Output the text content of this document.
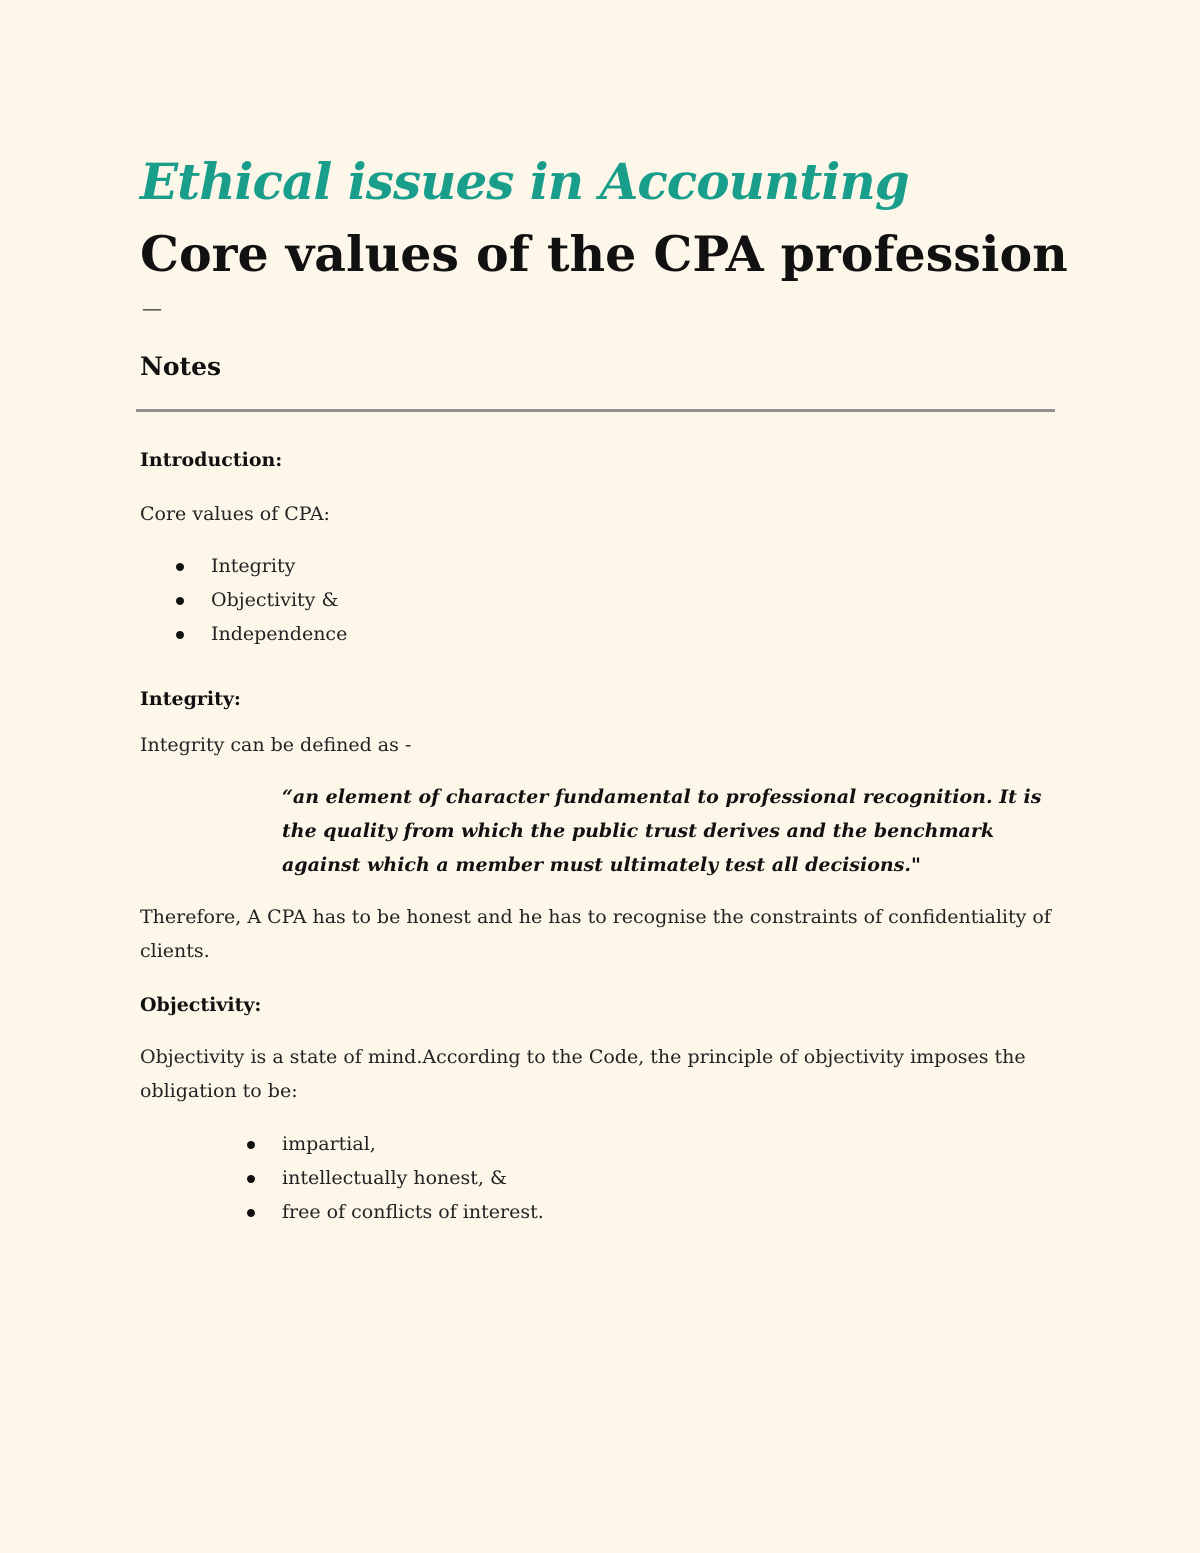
Ethical issues in Accounting
Core values of the CPA profession
—
Notes

Introduction:

Core values of CPA:

Integrity
Objectivity &
Independence

Integrity:

Integrity can be defined as -

“an element of character fundamental to professional recognition. It is the quality from which the public trust derives and the benchmark against which a member must ultimately test all decisions."

Therefore, A CPA has to be honest and he has to recognise the constraints of confidentiality of clients.

Objectivity:

Objectivity is a state of mind.According to the Code, the principle of objectivity imposes the obligation to be:

impartial,
intellectually honest, &
free of conflicts of interest.
